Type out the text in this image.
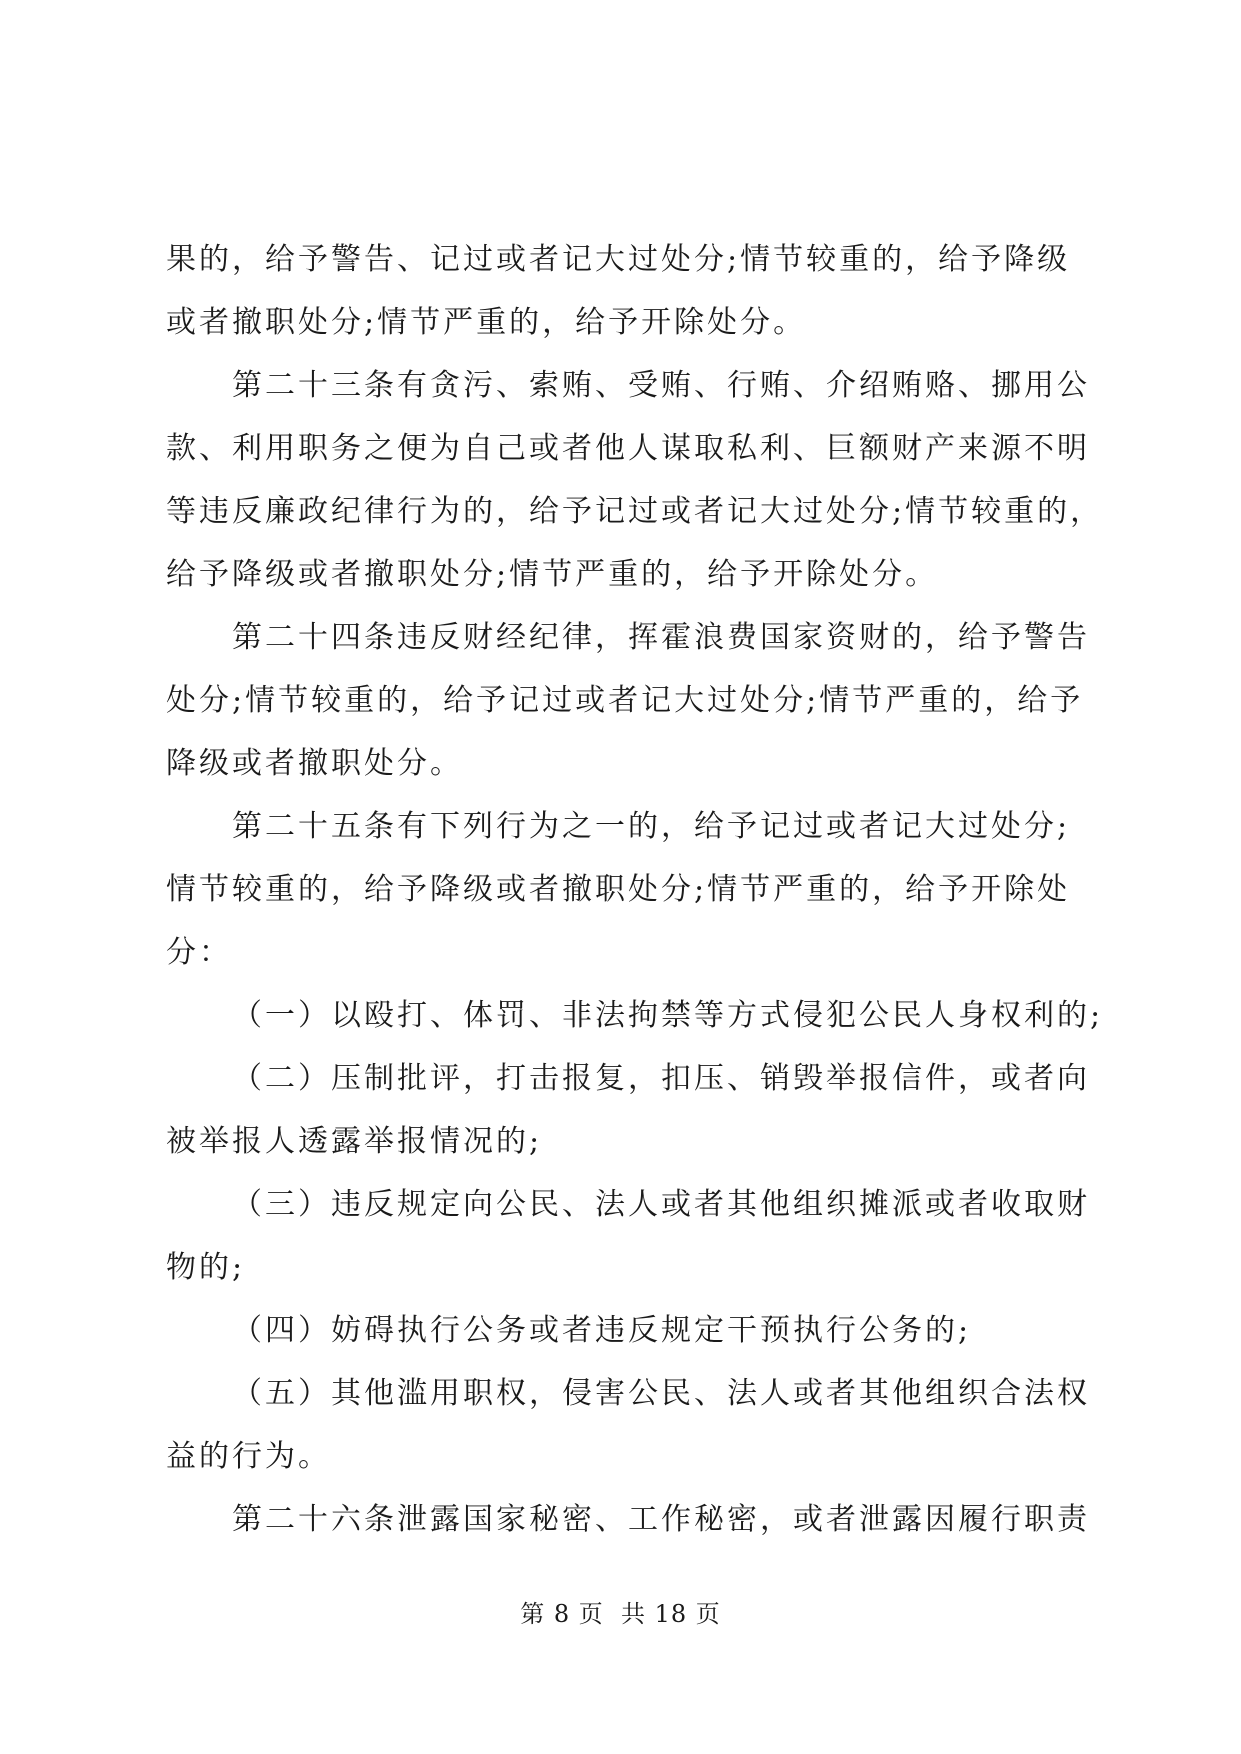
果的，给予警告、记过或者记大过处分;情节较重的，给予降级
或者撤职处分;情节严重的，给予开除处分。
第二十三条有贪污、索贿、受贿、行贿、介绍贿赂、挪用公
款、利用职务之便为自己或者他人谋取私利、巨额财产来源不明
等违反廉政纪律行为的，给予记过或者记大过处分;情节较重的，
给予降级或者撤职处分;情节严重的，给予开除处分。
第二十四条违反财经纪律，挥霍浪费国家资财的，给予警告
处分;情节较重的，给予记过或者记大过处分;情节严重的，给予
降级或者撤职处分。
第二十五条有下列行为之一的，给予记过或者记大过处分;
情节较重的，给予降级或者撤职处分;情节严重的，给予开除处
分：
（一）以殴打、体罚、非法拘禁等方式侵犯公民人身权利的;
（二）压制批评，打击报复，扣压、销毁举报信件，或者向
被举报人透露举报情况的;
（三）违反规定向公民、法人或者其他组织摊派或者收取财
物的;
（四）妨碍执行公务或者违反规定干预执行公务的;
（五）其他滥用职权，侵害公民、法人或者其他组织合法权
益的行为。
第二十六条泄露国家秘密、工作秘密，或者泄露因履行职责
第 8 页  共 18 页
